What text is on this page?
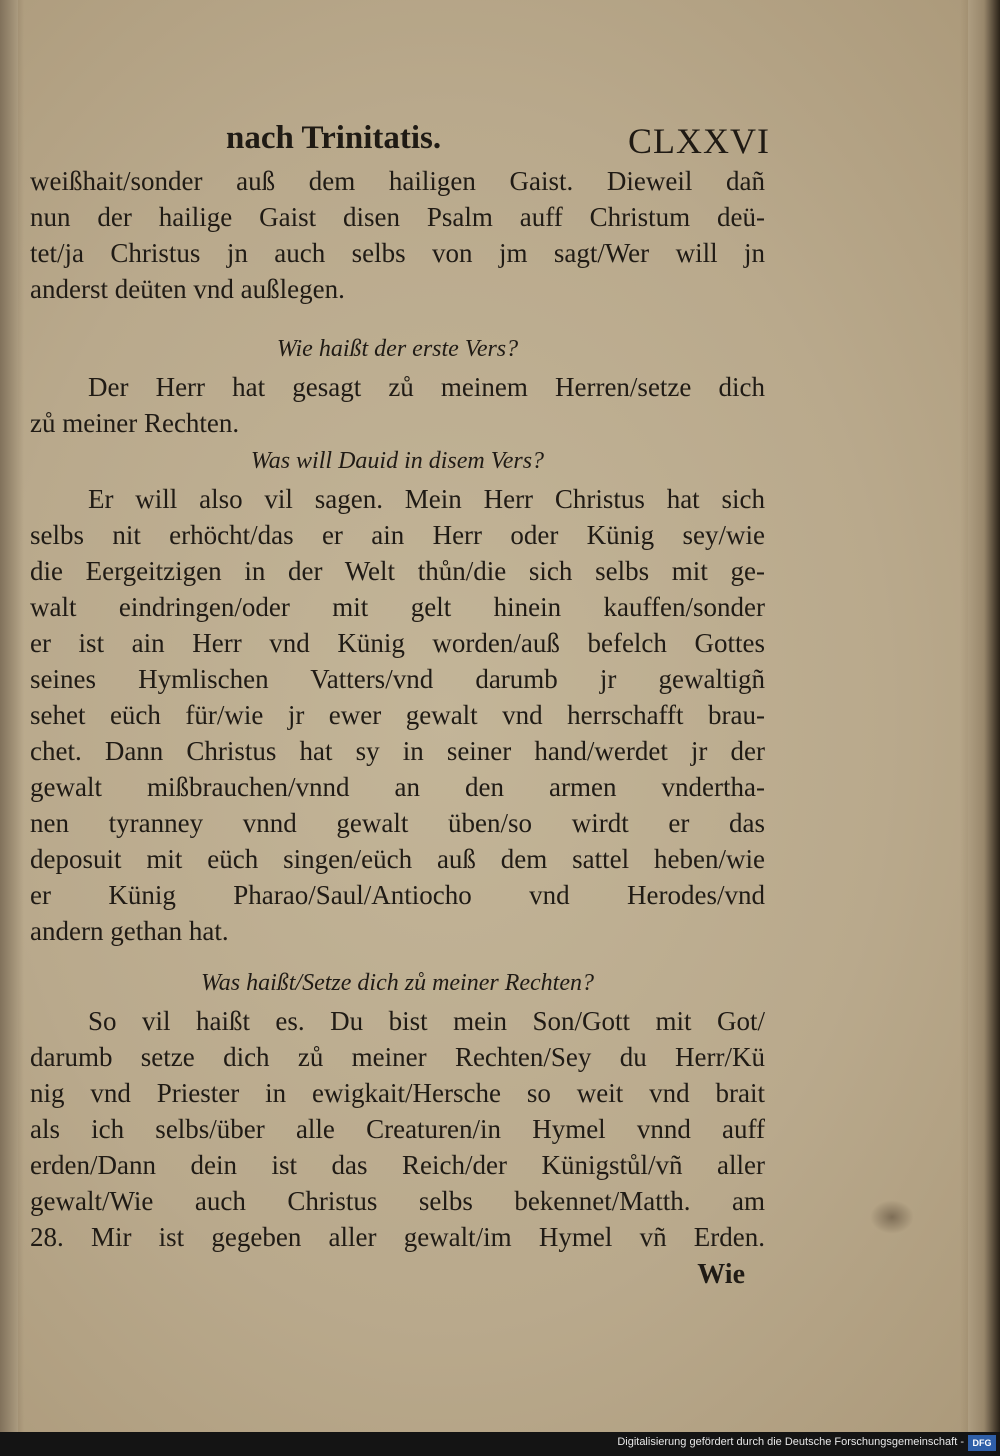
nach Trinitatis.	CLXXVI
weißhait/sonder auß dem hailigen Gaist. Dieweil dañ
nun der hailige Gaist disen Psalm auff Christum deü-
tet/ja Christus jn auch selbs von jm sagt/Wer will jn
anderst deüten vnd außlegen.
Wie haißt der erste Vers?
Der Herr hat gesagt zů meinem Herren/setze dich
zů meiner Rechten.
Was will Dauid in disem Vers?
Er will also vil sagen. Mein Herr Christus hat sich
selbs nit erhöcht/das er ain Herr oder Künig sey/wie
die Eergeitzigen in der Welt thůn/die sich selbs mit ge-
walt eindringen/oder mit gelt hinein kauffen/sonder
er ist ain Herr vnd Künig worden/auß befelch Gottes
seines Hymlischen Vatters/vnd darumb jr gewaltigñ
sehet eüch für/wie jr ewer gewalt vnd herrschafft brau-
chet. Dann Christus hat sy in seiner hand/werdet jr der
gewalt mißbrauchen/vnnd an den armen vndertha-
nen tyranney vnnd gewalt üben/so wirdt er das
deposuit mit eüch singen/eüch auß dem sattel heben/wie
er Künig Pharao/Saul/Antiocho vnd Herodes/vnd
andern gethan hat.
Was haißt/Setze dich zů meiner Rechten?
So vil haißt es. Du bist mein Son/Gott mit Got/
darumb setze dich zů meiner Rechten/Sey du Herr/Kü
nig vnd Priester in ewigkait/Hersche so weit vnd brait
als ich selbs/über alle Creaturen/in Hymel vnnd auff
erden/Dann dein ist das Reich/der Künigstůl/vñ aller
gewalt/Wie auch Christus selbs bekennet/Matth. am
28. Mir ist gegeben aller gewalt/im Hymel vñ Erden.
Wie
Digitalisierung gefördert durch die Deutsche Forschungsgemeinschaft - DFG
